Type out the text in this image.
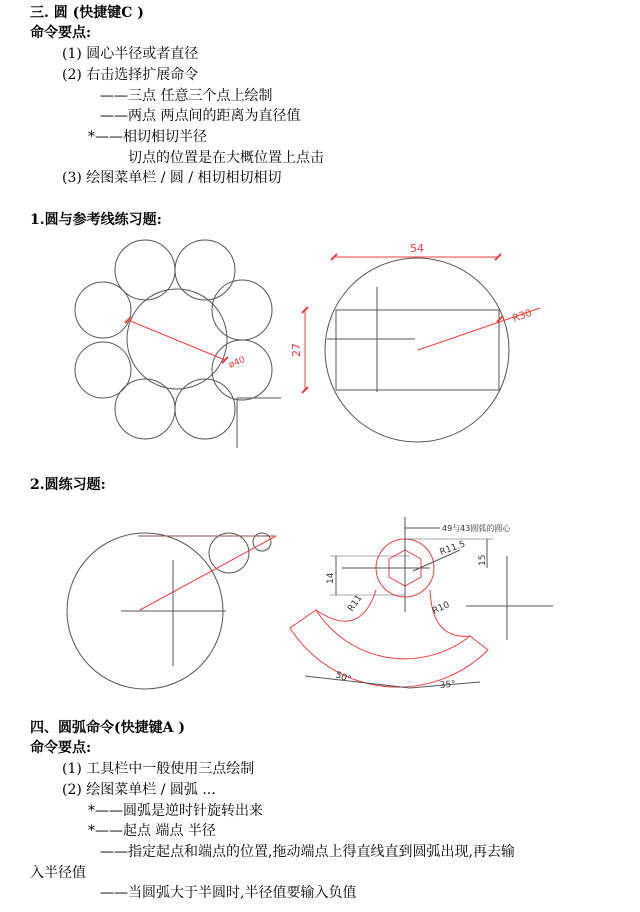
三. 圆 (快捷键C )
命令要点:
(1) 圆心半径或者直径
(2) 右击选择扩展命令
——三点 任意三个点上绘制
——两点 两点间的距离为直径值
*——相切相切半径
切点的位置是在大概位置上点击
(3) 绘图菜单栏 / 圆 / 相切相切相切
1.圆与参考线练习题:
ø40
54
27
R30
2.圆练习题:
49与43圆弧的圆心
R11.5
15
14
R11	R10
50°
35°
四、圆弧命令(快捷键A )
命令要点:
(1) 工具栏中一般使用三点绘制
(2) 绘图菜单栏 / 圆弧 ...
*——圆弧是逆时针旋转出来
*——起点 端点 半径
——指定起点和端点的位置,拖动端点上得直线直到圆弧出现,再去输
入半径值
——当圆弧大于半圆时,半径值要输入负值
